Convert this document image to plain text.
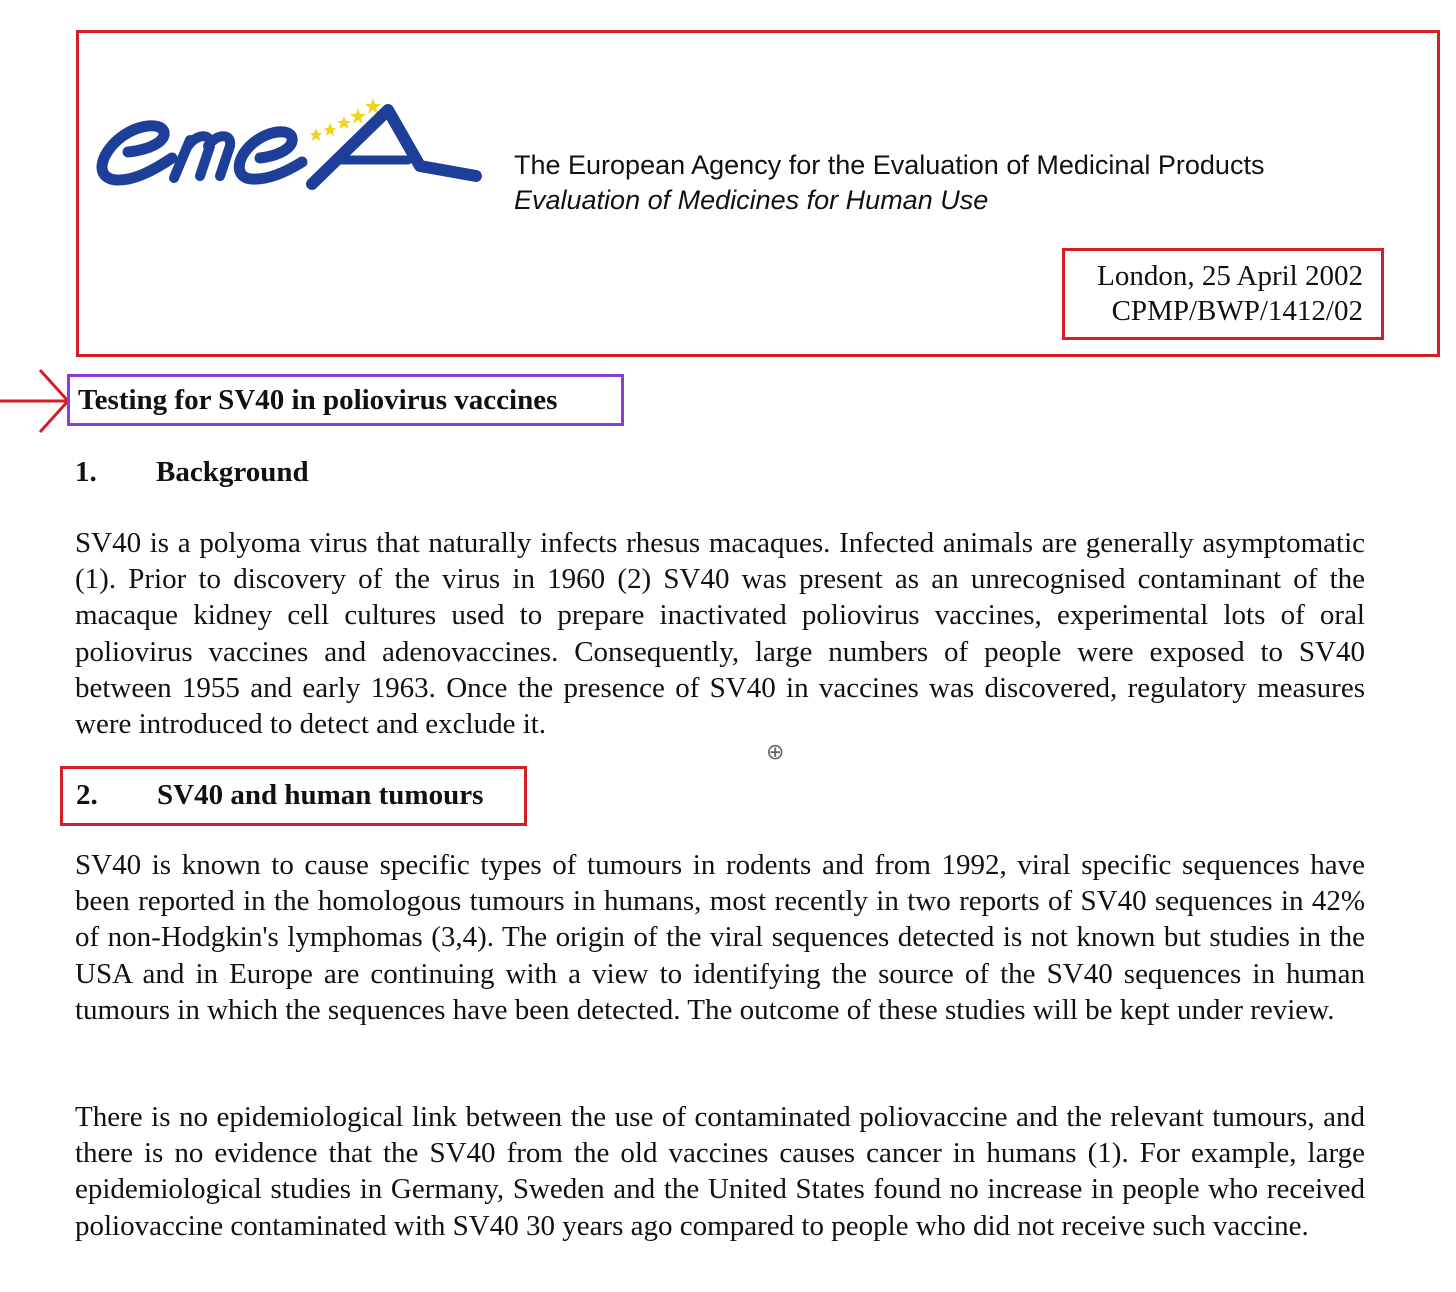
The European Agency for the Evaluation of Medicinal Products
Evaluation of Medicines for Human Use
London, 25 April 2002
CPMP/BWP/1412/02
Testing for SV40 in poliovirus vaccines
1. Background
SV40 is a polyoma virus that naturally infects rhesus macaques. Infected animals are generally asymptomatic (1). Prior to discovery of the virus in 1960 (2) SV40 was present as an unrecognised contaminant of the macaque kidney cell cultures used to prepare inactivated poliovirus vaccines, experimental lots of oral poliovirus vaccines and adenovaccines. Consequently, large numbers of people were exposed to SV40 between 1955 and early 1963. Once the presence of SV40 in vaccines was discovered, regulatory measures were introduced to detect and exclude it.
⊕
2. SV40 and human tumours
SV40 is known to cause specific types of tumours in rodents and from 1992, viral specific sequences have been reported in the homologous tumours in humans, most recently in two reports of SV40 sequences in 42% of non-Hodgkin's lymphomas (3,4). The origin of the viral sequences detected is not known but studies in the USA and in Europe are continuing with a view to identifying the source of the SV40 sequences in human tumours in which the sequences have been detected. The outcome of these studies will be kept under review.
There is no epidemiological link between the use of contaminated poliovaccine and the relevant tumours, and there is no evidence that the SV40 from the old vaccines causes cancer in humans (1). For example, large epidemiological studies in Germany, Sweden and the United States found no increase in people who received poliovaccine contaminated with SV40 30 years ago compared to people who did not receive such vaccine.
